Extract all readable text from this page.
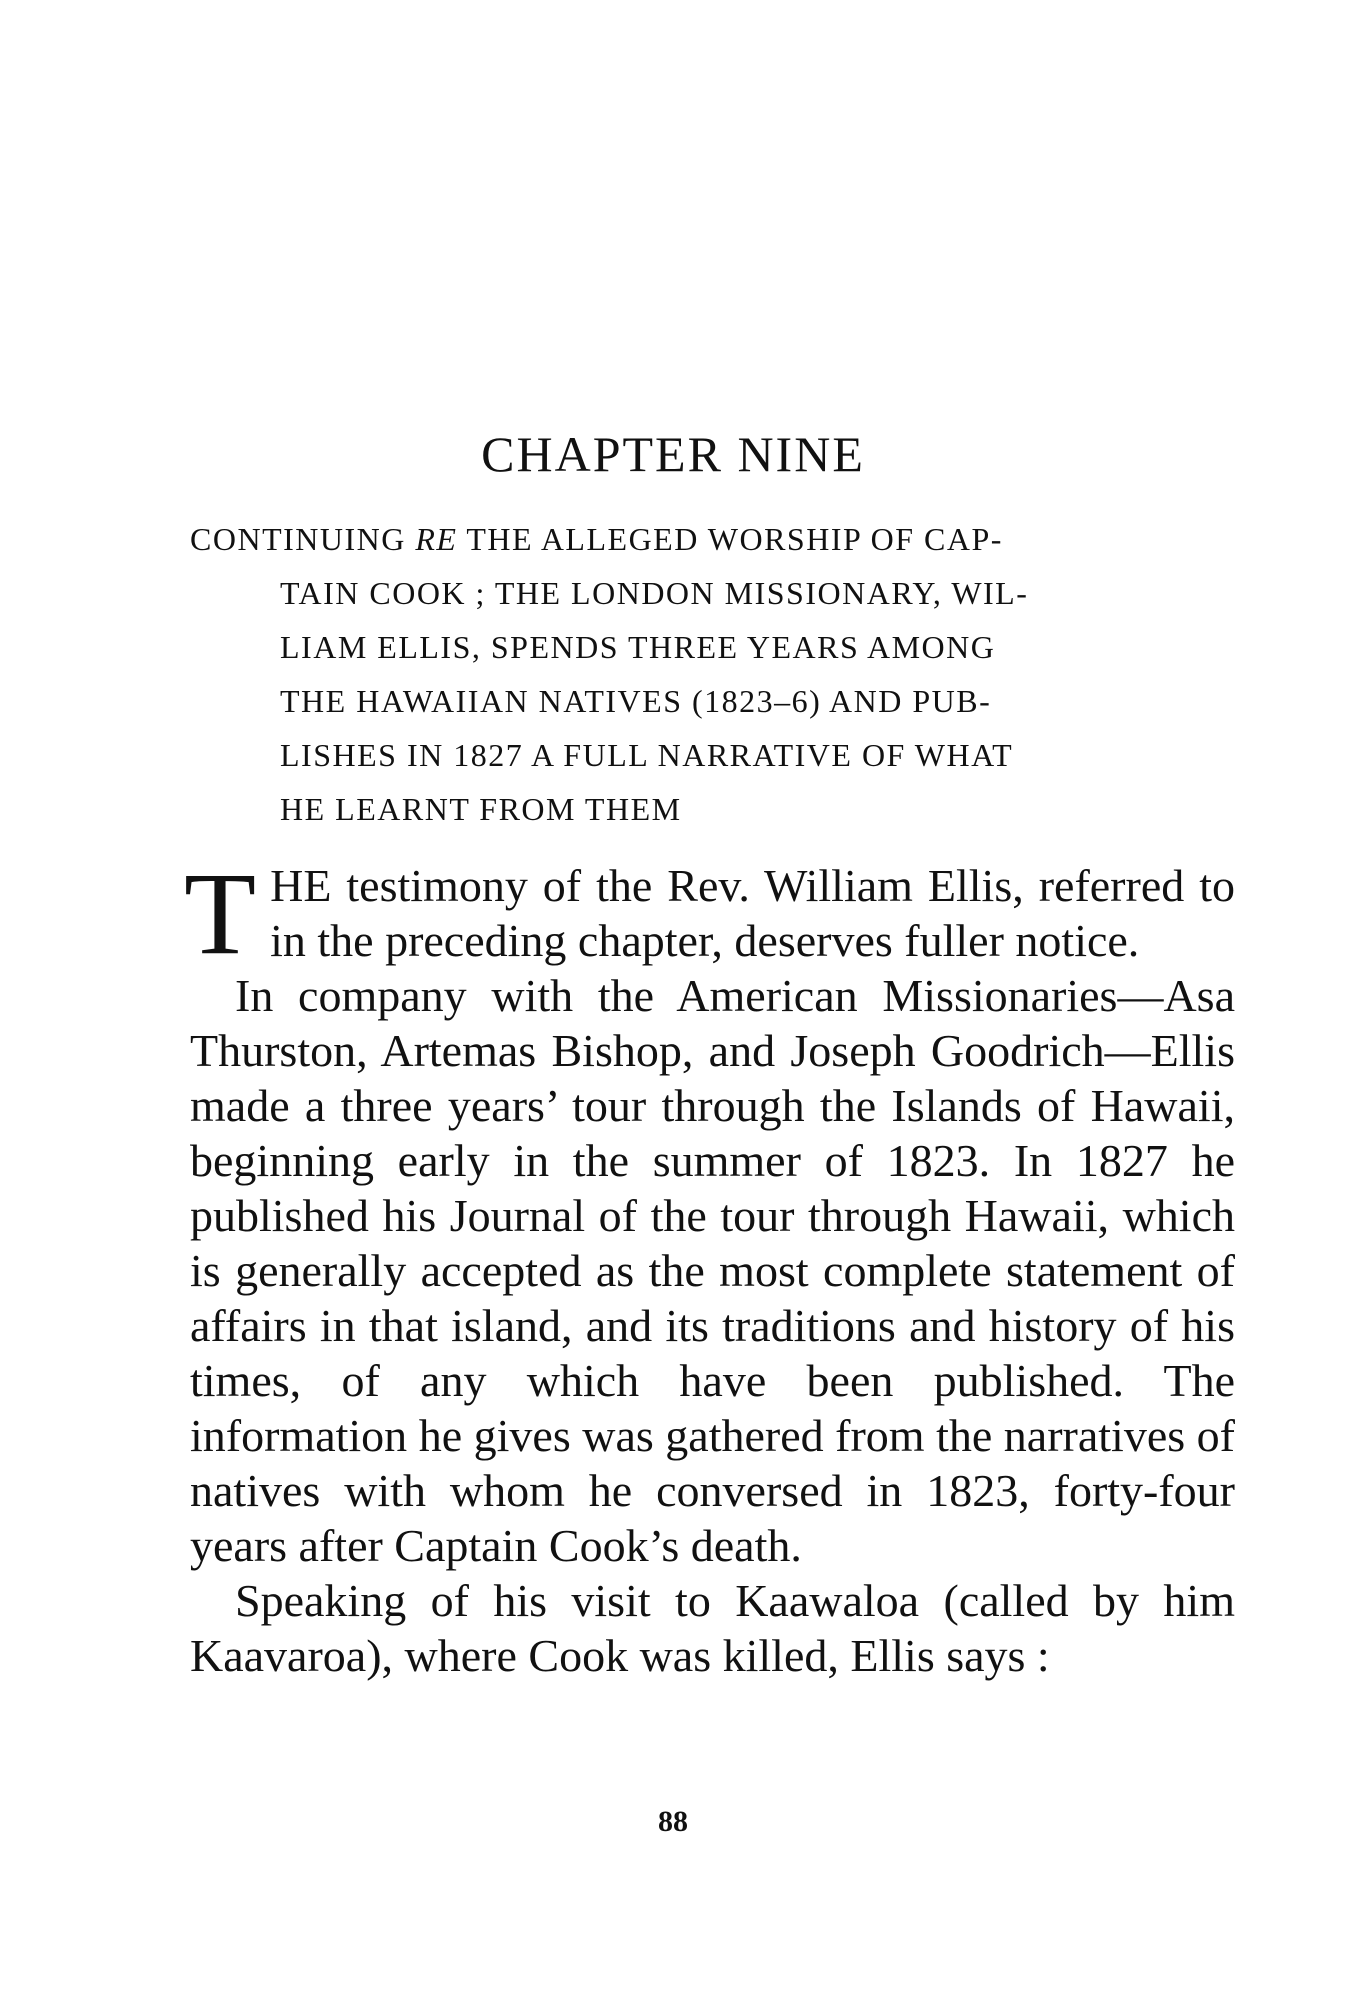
CHAPTER NINE
CONTINUING RE THE ALLEGED WORSHIP OF CAP-
TAIN COOK ; THE LONDON MISSIONARY, WIL-
LIAM ELLIS, SPENDS THREE YEARS AMONG
THE HAWAIIAN NATIVES (1823–6) AND PUB-
LISHES IN 1827 A FULL NARRATIVE OF WHAT
HE LEARNT FROM THEM

THE testimony of the Rev. William Ellis, referred to in the preceding chapter, deserves fuller notice.

In company with the American Missionaries—Asa Thurston, Artemas Bishop, and Joseph Goodrich—Ellis made a three years’ tour through the Islands of Hawaii, beginning early in the summer of 1823. In 1827 he published his Journal of the tour through Hawaii, which is generally accepted as the most complete statement of affairs in that island, and its traditions and history of his times, of any which have been published. The information he gives was gathered from the narratives of natives with whom he conversed in 1823, forty-four years after Captain Cook’s death.

Speaking of his visit to Kaawaloa (called by him Kaavaroa), where Cook was killed, Ellis says :

88
